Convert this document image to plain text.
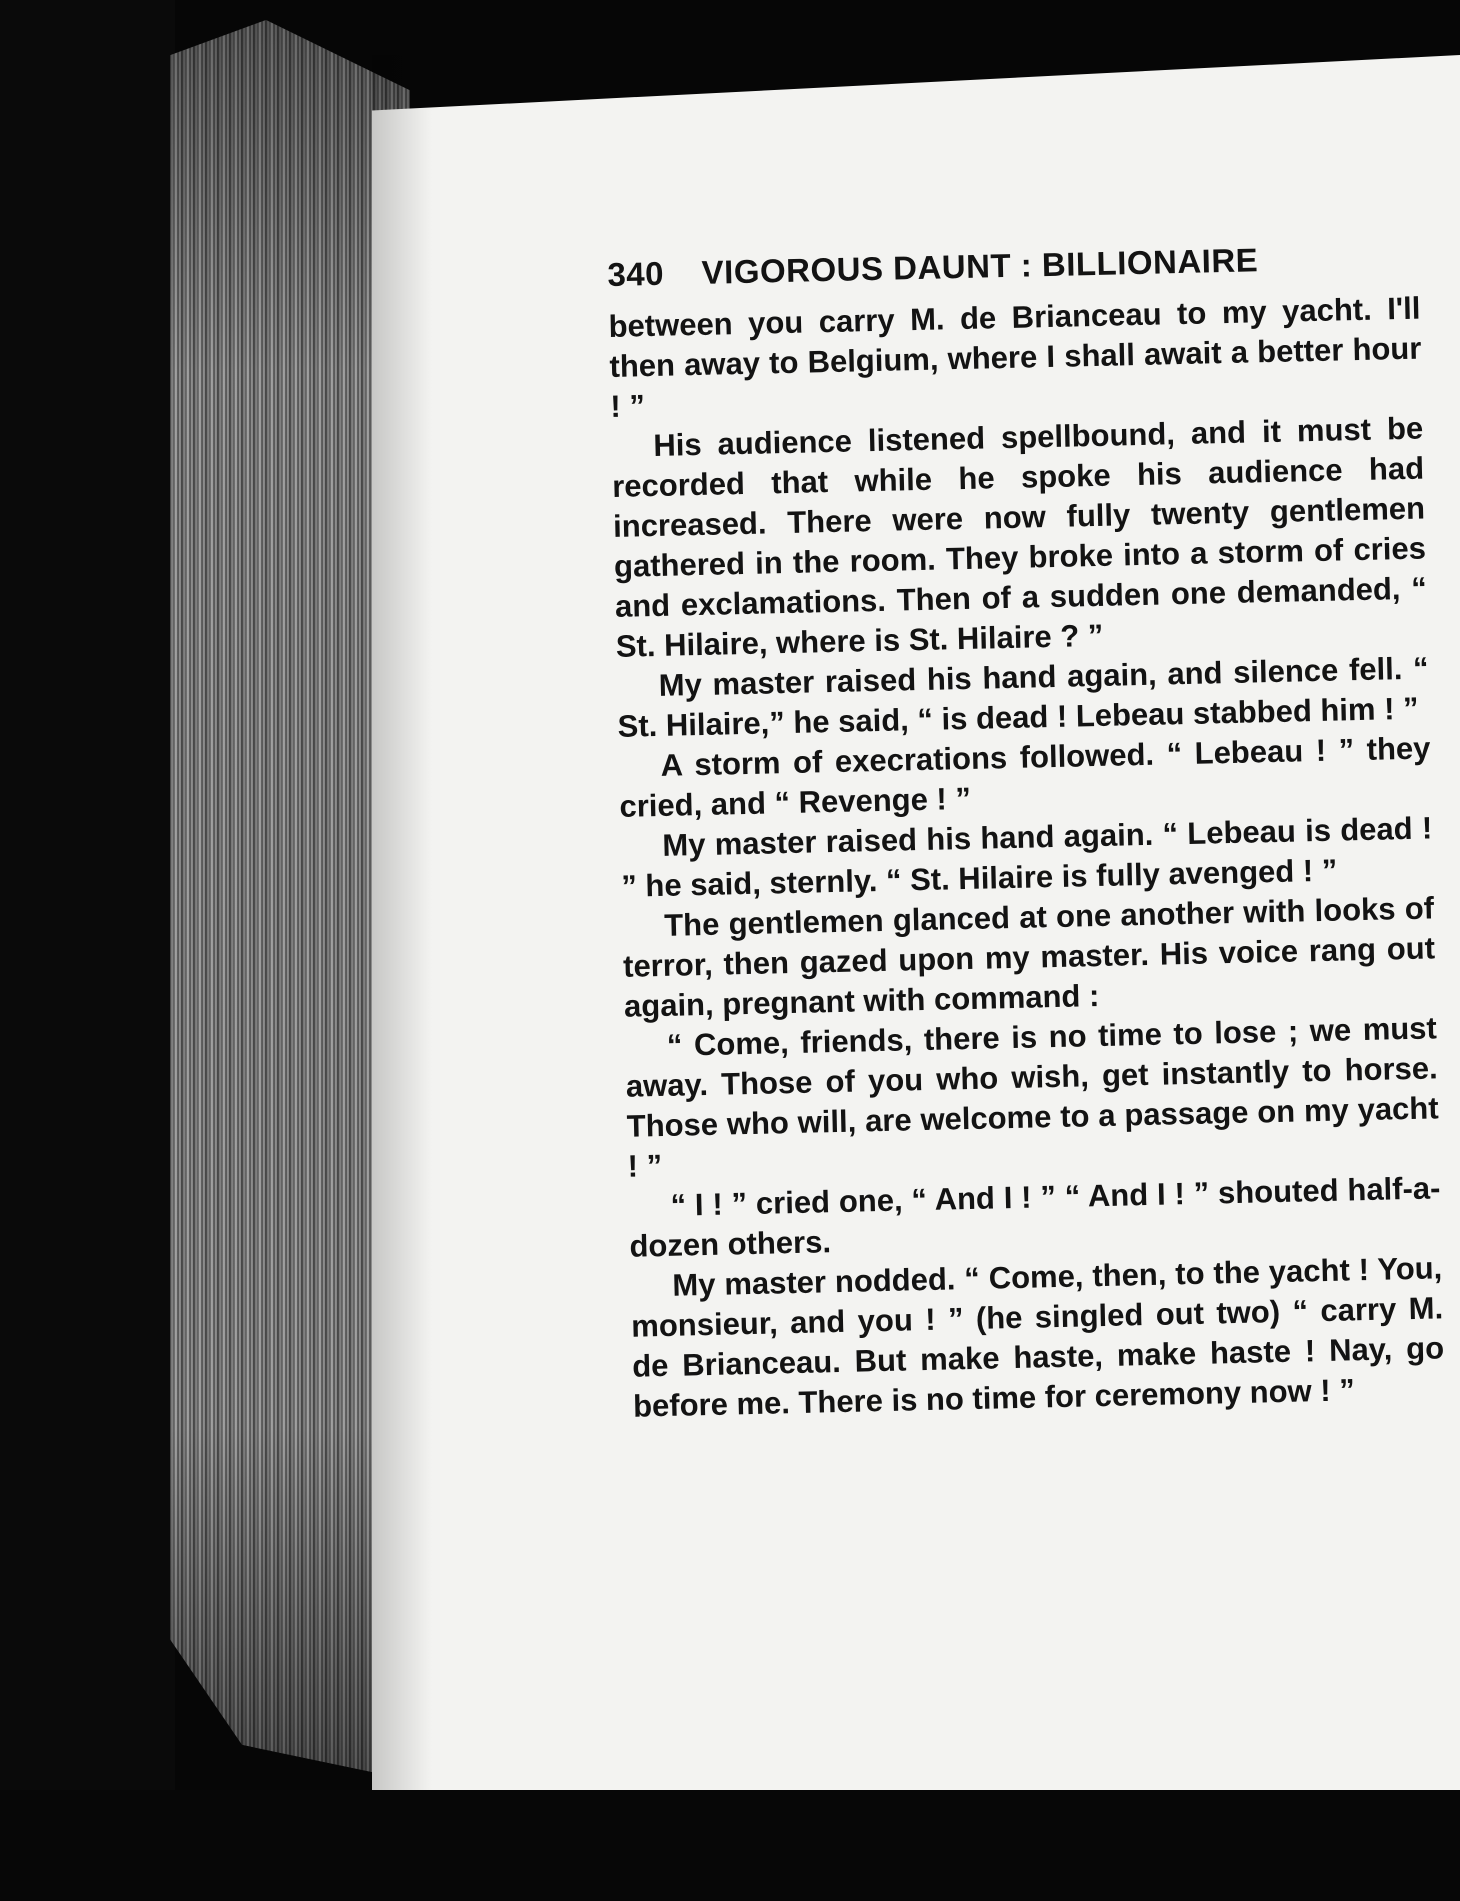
340 VIGOROUS DAUNT : BILLIONAIRE

between you carry M. de Brianceau to my yacht. I'll then away to Belgium, where I shall await a better hour ! ”

His audience listened spellbound, and it must be recorded that while he spoke his audience had increased. There were now fully twenty gentlemen gathered in the room. They broke into a storm of cries and exclamations. Then of a sudden one demanded, “ St. Hilaire, where is St. Hilaire ? ”

My master raised his hand again, and silence fell. “ St. Hilaire,” he said, “ is dead ! Lebeau stabbed him ! ”

A storm of execrations followed. “ Lebeau ! ” they cried, and “ Revenge ! ”

My master raised his hand again. “ Lebeau is dead ! ” he said, sternly. “ St. Hilaire is fully avenged ! ”

The gentlemen glanced at one another with looks of terror, then gazed upon my master. His voice rang out again, pregnant with command :

“ Come, friends, there is no time to lose ; we must away. Those of you who wish, get instantly to horse. Those who will, are welcome to a passage on my yacht ! ”

“ I ! ” cried one, “ And I ! ” “ And I ! ” shouted half-a-dozen others.

My master nodded. “ Come, then, to the yacht ! You, monsieur, and you ! ” (he singled out two) “ carry M. de Brianceau. But make haste, make haste ! Nay, go before me. There is no time for ceremony now ! ”
